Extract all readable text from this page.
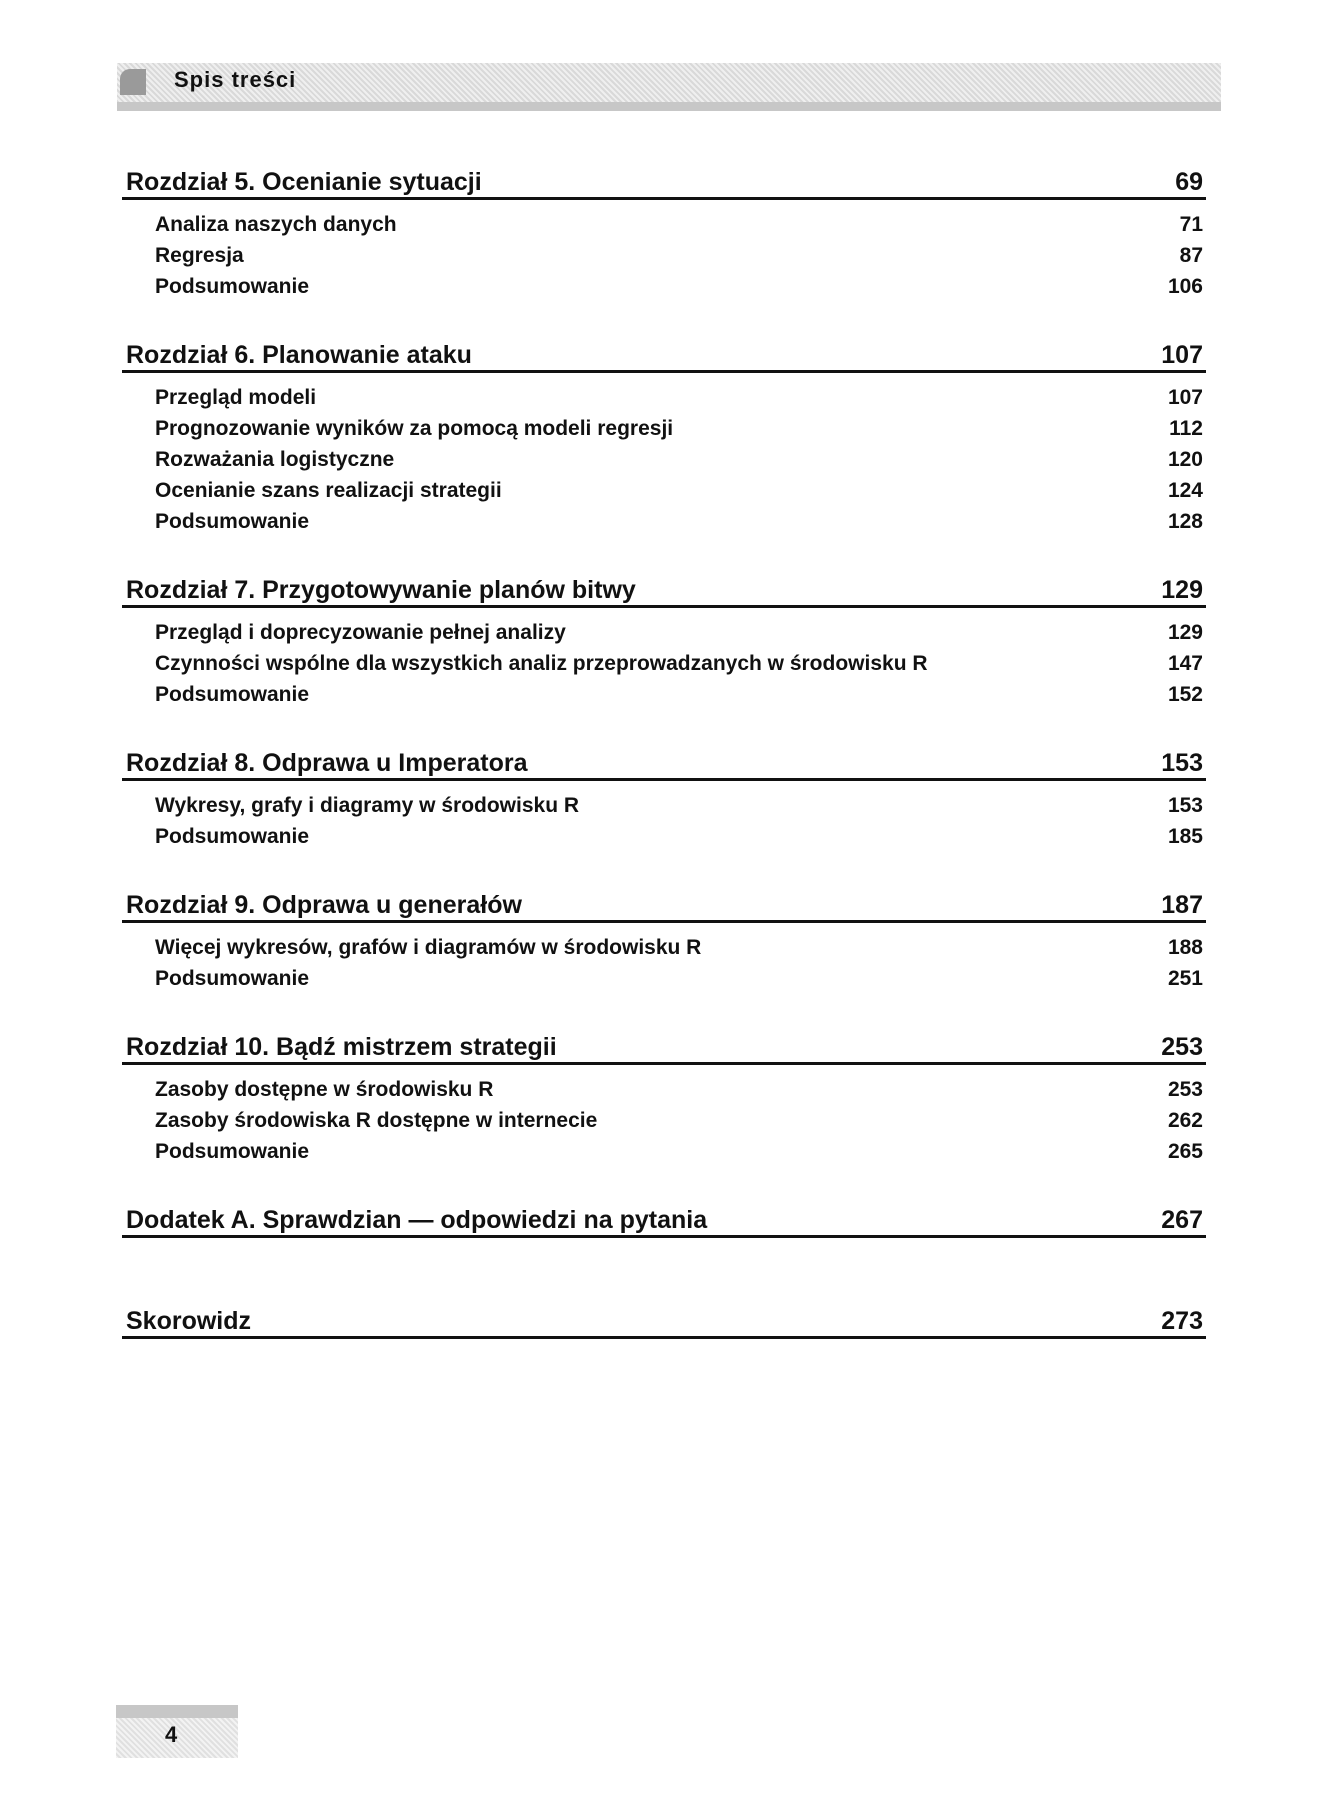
Spis treści
Rozdział 5. Ocenianie sytuacji	69
Analiza naszych danych	71
Regresja	87
Podsumowanie	106
Rozdział 6. Planowanie ataku	107
Przegląd modeli	107
Prognozowanie wyników za pomocą modeli regresji	112
Rozważania logistyczne	120
Ocenianie szans realizacji strategii	124
Podsumowanie	128
Rozdział 7. Przygotowywanie planów bitwy	129
Przegląd i doprecyzowanie pełnej analizy	129
Czynności wspólne dla wszystkich analiz przeprowadzanych w środowisku R	147
Podsumowanie	152
Rozdział 8. Odprawa u Imperatora	153
Wykresy, grafy i diagramy w środowisku R	153
Podsumowanie	185
Rozdział 9. Odprawa u generałów	187
Więcej wykresów, grafów i diagramów w środowisku R	188
Podsumowanie	251
Rozdział 10. Bądź mistrzem strategii	253
Zasoby dostępne w środowisku R	253
Zasoby środowiska R dostępne w internecie	262
Podsumowanie	265
Dodatek A. Sprawdzian — odpowiedzi na pytania	267
Skorowidz	273
4
